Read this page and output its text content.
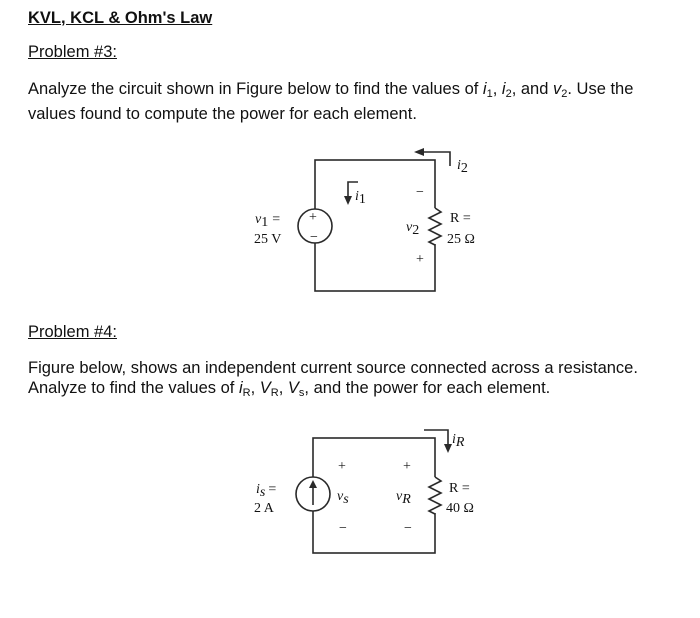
KVL, KCL & Ohm's Law
Problem #3:
Analyze the circuit shown in Figure below to find the values of $i_1$, $i_2$, and $v_2$. Use the
values found to compute the power for each element.
Problem #4:
Figure below, shows an independent current source connected across a resistance.
Analyze to find the values of $i_R$, $V_R$, $V_s$, and the power for each element.
+
−
v1 =
25 V
i1	−
v2
+
R =
25 Ω
i2
is =
2 A
+
vs
−
+
vR
−
R =
40 Ω
iR
